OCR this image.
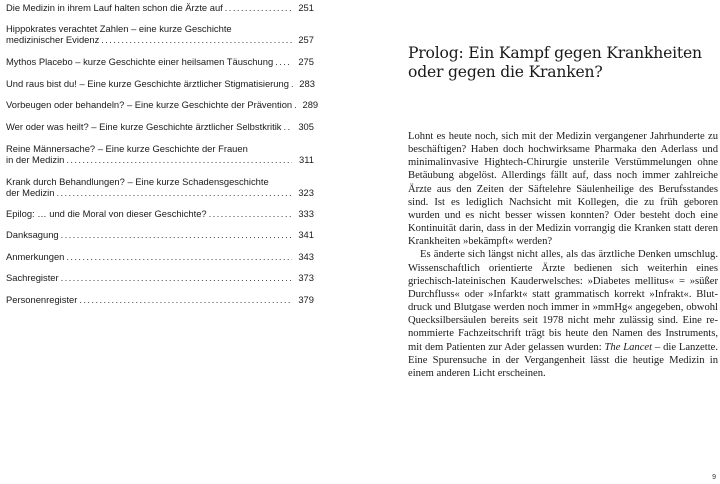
Die Medizin in ihrem Lauf halten schon die Ärzte auf . . .	251
Hippokrates verachtet Zahlen – eine kurze Geschichte
medizinischer Evidenz . . .	257
Mythos Placebo – kurze Geschichte einer heilsamen Täuschung . . .	275
Und raus bist du! – Eine kurze Geschichte ärztlicher Stigmatisierung . . .	283
Vorbeugen oder behandeln? – Eine kurze Geschichte der Prävention . . .	289
Wer oder was heilt? – Eine kurze Geschichte ärztlicher Selbstkritik . . .	305
Reine Männersache? – Eine kurze Geschichte der Frauen
in der Medizin . . .	311
Krank durch Behandlungen? – Eine kurze Schadensgeschichte
der Medizin . . .	323
Epilog: … und die Moral von dieser Geschichte? . . .	333
Danksagung . . .	341
Anmerkungen . . .	343
Sachregister . . .	373
Personenregister . . .	379
Prolog: Ein Kampf gegen Krankheiten oder gegen die Kranken?

Lohnt es heute noch, sich mit der Medizin vergangener Jahrhunderte zu beschäftigen? Haben doch hochwirksame Pharmaka den Aderlass und minimalinvasive Hightech-Chirurgie unsterile Verstümmelungen ohne Betäubung abgelöst. Allerdings fällt auf, dass noch immer zahlreiche Ärzte aus den Zeiten der Säftelehre Säulenheilige des Berufsstandes sind. Ist es lediglich Nachsicht mit Kollegen, die zu früh geboren wurden und es nicht besser wissen konnten? Oder besteht doch eine Kontinuität darin, dass in der Medizin vorrangig die Kranken statt deren Krankheiten »bekämpft« werden?

Es änderte sich längst nicht alles, als das ärztliche Denken umschlug. Wissenschaftlich orientierte Ärzte bedienen sich weiterhin eines griechisch-lateinischen Kauderwelsches: »Diabetes mellitus« = »süßer Durchfluss« oder »Infarkt« statt grammatisch korrekt »Infrakt«. Blutdruck und Blutgase werden noch immer in »mmHg« angegeben, obwohl Quecksilbersäulen bereits seit 1978 nicht mehr zulässig sind. Eine renommierte Fachzeitschrift trägt bis heute den Namen des Instruments, mit dem Patienten zur Ader gelassen wurden: The Lancet – die Lanzette. Eine Spurensuche in der Vergangenheit lässt die heutige Medizin in einem anderen Licht erscheinen.

9
